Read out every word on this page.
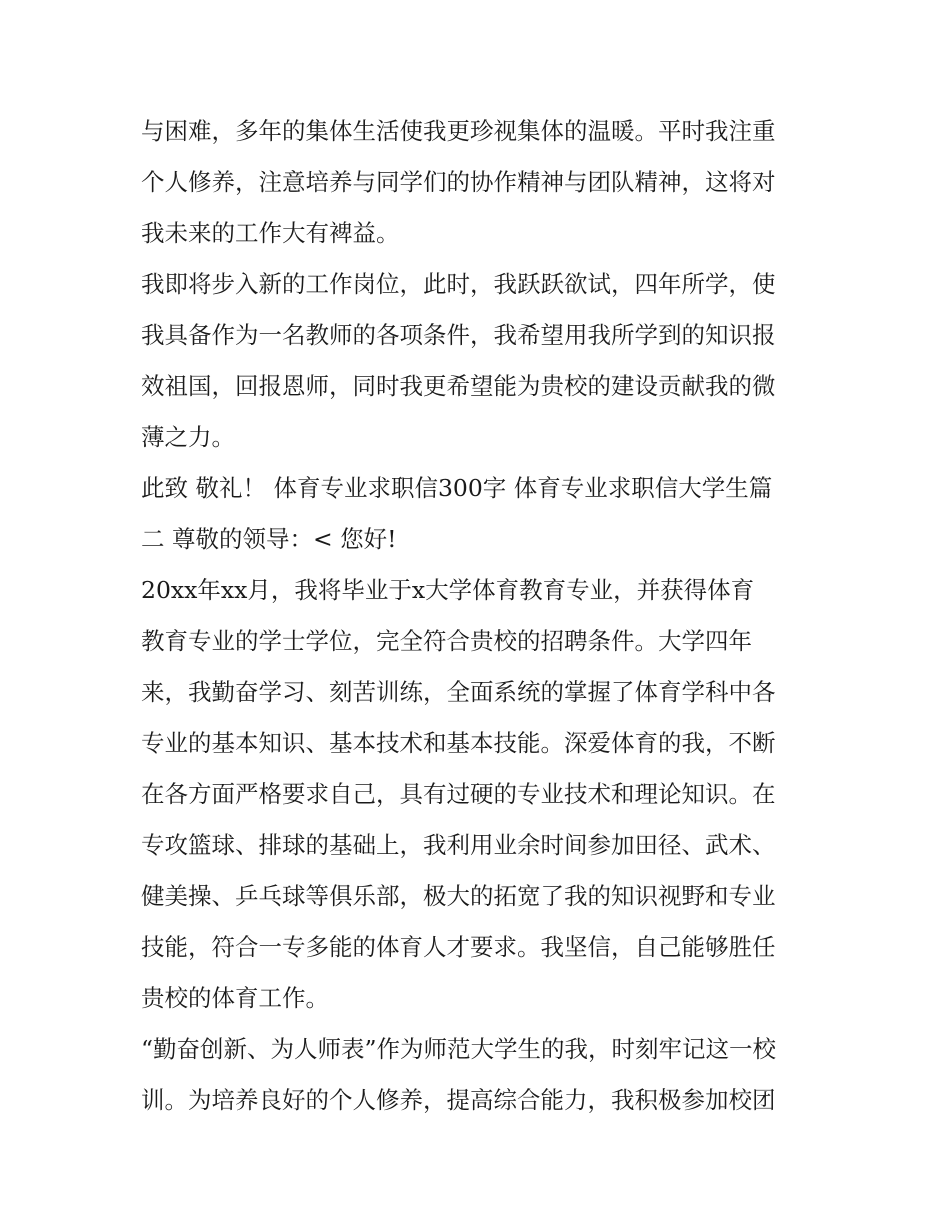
与困难，多年的集体生活使我更珍视集体的温暖。平时我注重
个人修养，注意培养与同学们的协作精神与团队精神，这将对
我未来的工作大有裨益。
我即将步入新的工作岗位，此时，我跃跃欲试，四年所学，使
我具备作为一名教师的各项条件，我希望用我所学到的知识报
效祖国，回报恩师，同时我更希望能为贵校的建设贡献我的微
薄之力。
此致 敬礼！ 体育专业求职信300字 体育专业求职信大学生篇
二 尊敬的领导：< 您好!
20xx年xx月，我将毕业于x大学体育教育专业，并获得体育
教育专业的学士学位，完全符合贵校的招聘条件。大学四年
来，我勤奋学习、刻苦训练，全面系统的掌握了体育学科中各
专业的基本知识、基本技术和基本技能。深爱体育的我，不断
在各方面严格要求自己，具有过硬的专业技术和理论知识。在
专攻篮球、排球的基础上，我利用业余时间参加田径、武术、
健美操、乒乓球等俱乐部，极大的拓宽了我的知识视野和专业
技能，符合一专多能的体育人才要求。我坚信，自己能够胜任
贵校的体育工作。
“勤奋创新、为人师表”作为师范大学生的我，时刻牢记这一校
训。为培养良好的个人修养，提高综合能力，我积极参加校团
